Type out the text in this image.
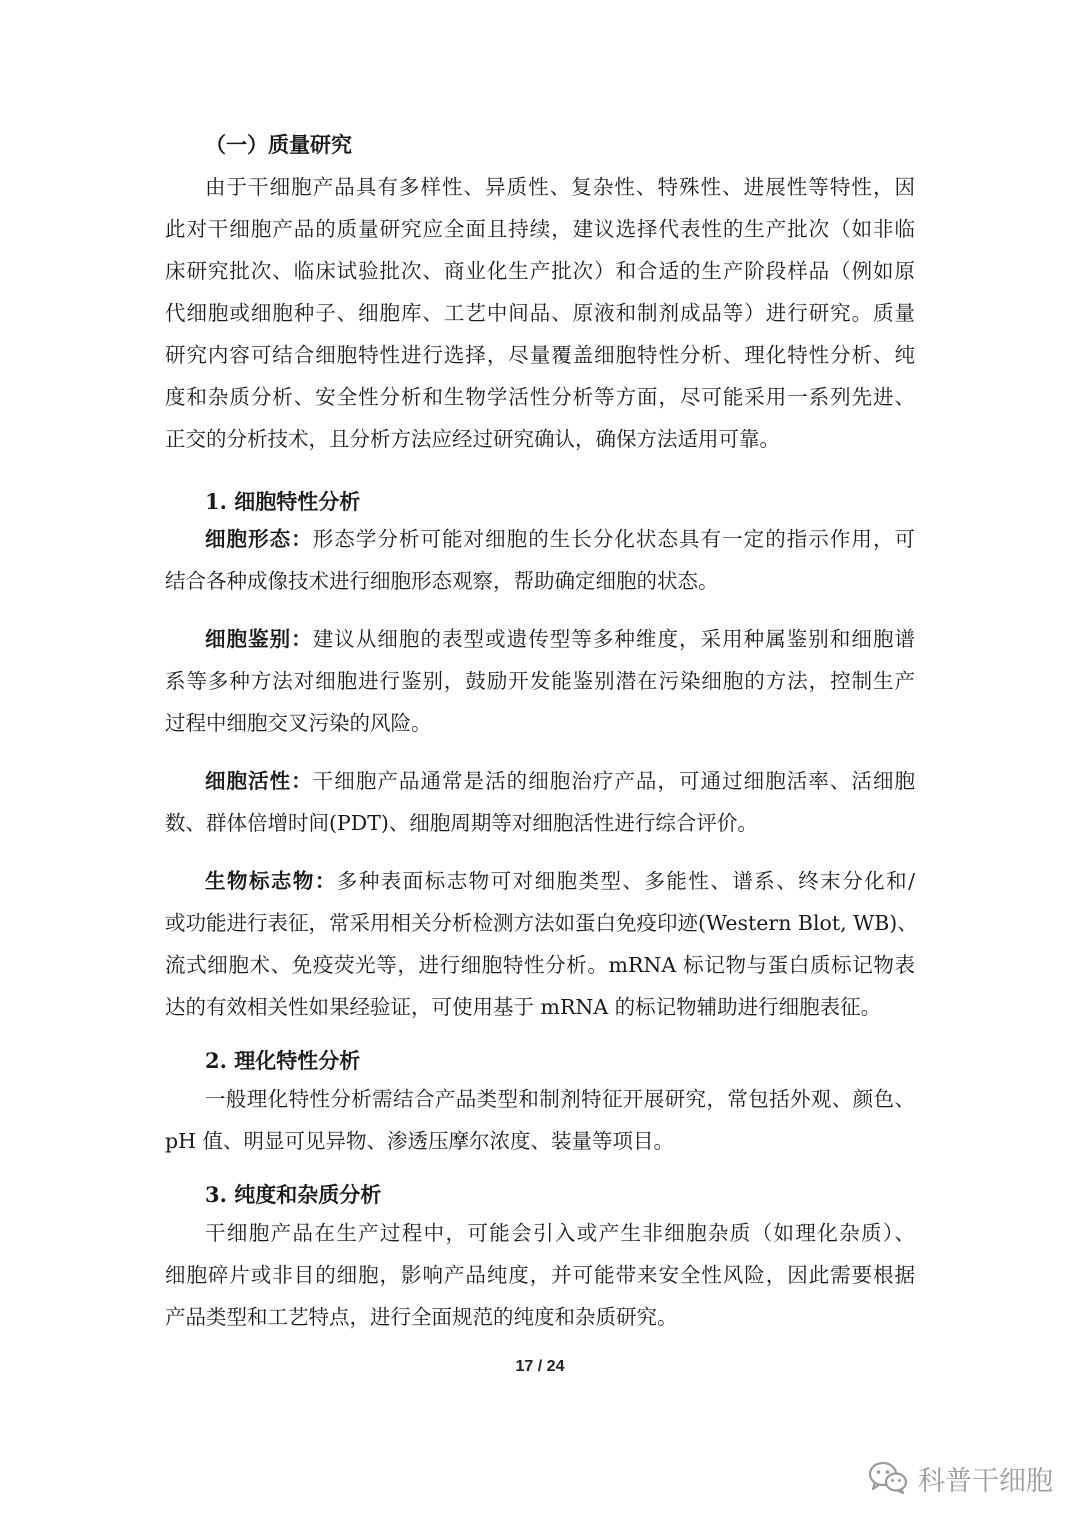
（一）质量研究
由于干细胞产品具有多样性、异质性、复杂性、特殊性、进展性等特性，因
此对干细胞产品的质量研究应全面且持续，建议选择代表性的生产批次（如非临
床研究批次、临床试验批次、商业化生产批次）和合适的生产阶段样品（例如原
代细胞或细胞种子、细胞库、工艺中间品、原液和制剂成品等）进行研究。质量
研究内容可结合细胞特性进行选择，尽量覆盖细胞特性分析、理化特性分析、纯
度和杂质分析、安全性分析和生物学活性分析等方面，尽可能采用一系列先进、
正交的分析技术，且分析方法应经过研究确认，确保方法适用可靠。
1. 细胞特性分析
细胞形态：形态学分析可能对细胞的生长分化状态具有一定的指示作用，可
结合各种成像技术进行细胞形态观察，帮助确定细胞的状态。
细胞鉴别：建议从细胞的表型或遗传型等多种维度，采用种属鉴别和细胞谱
系等多种方法对细胞进行鉴别，鼓励开发能鉴别潜在污染细胞的方法，控制生产
过程中细胞交叉污染的风险。
细胞活性：干细胞产品通常是活的细胞治疗产品，可通过细胞活率、活细胞
数、群体倍增时间(PDT)、细胞周期等对细胞活性进行综合评价。
生物标志物：多种表面标志物可对细胞类型、多能性、谱系、终末分化和/
或功能进行表征，常采用相关分析检测方法如蛋白免疫印迹(Western Blot, WB)、
流式细胞术、免疫荧光等，进行细胞特性分析。mRNA 标记物与蛋白质标记物表
达的有效相关性如果经验证，可使用基于 mRNA 的标记物辅助进行细胞表征。
2. 理化特性分析
一般理化特性分析需结合产品类型和制剂特征开展研究，常包括外观、颜色、
pH 值、明显可见异物、渗透压摩尔浓度、装量等项目。
3. 纯度和杂质分析
干细胞产品在生产过程中，可能会引入或产生非细胞杂质（如理化杂质）、
细胞碎片或非目的细胞，影响产品纯度，并可能带来安全性风险，因此需要根据
产品类型和工艺特点，进行全面规范的纯度和杂质研究。
17 / 24
科普干细胞
